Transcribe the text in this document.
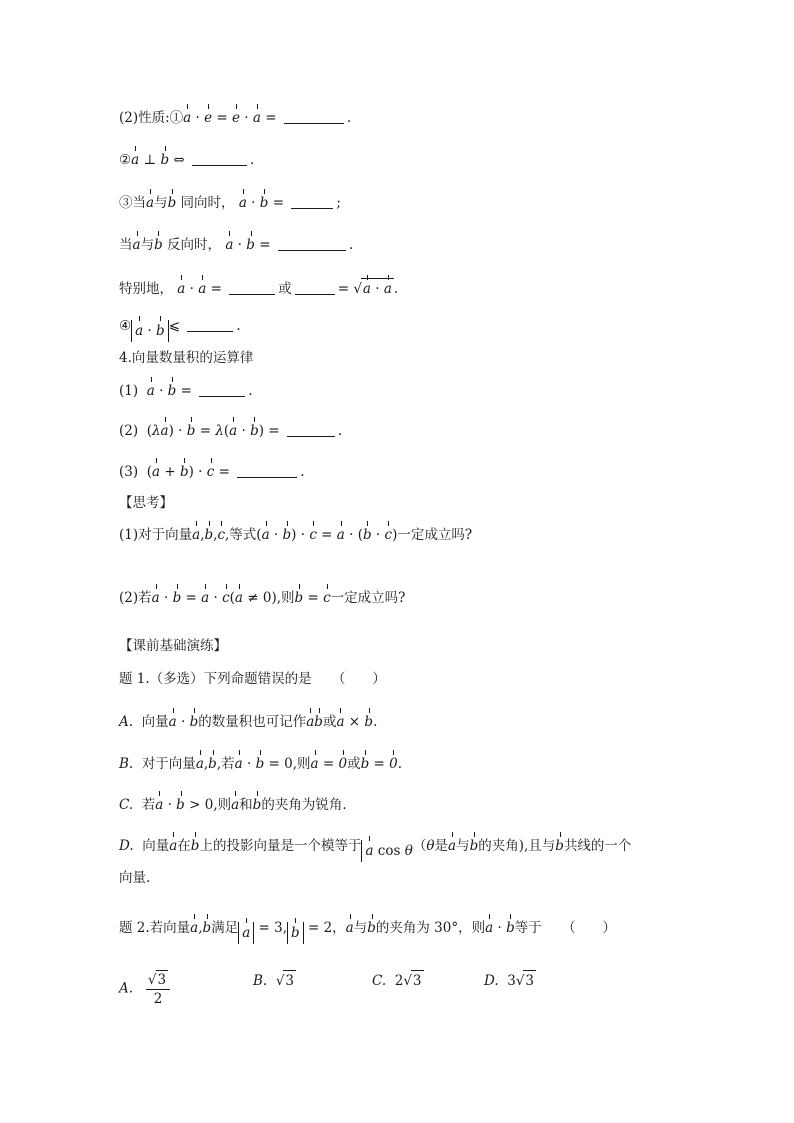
(2)性质:①a · e = e · a =	.
②a ⊥ b ⇔	.
③当a与b 同向时， a · b =	;
当a与b 反向时， a · b =	.
特别地， a · a =	或	= √a · a .
④ a · b ⩽	.
4.向量数量积的运算律
(1) a · b =	.
(2)  (λa) · b = λ(a · b) =	.
(3)  (a + b) · c =	.
【思考】
(1)对于向量a,b,c,等式(a · b) · c = a · (b · c)一定成立吗?
(2)若a · b = a · c(a ≠ 0),则b = c一定成立吗?
【课前基础演练】
题 1.（多选）下列命题错误的是　　（　　）
A. 向量a · b的数量积也可记作ab或a × b.
B. 对于向量a,b,若a · b = 0,则a = 0或b = 0.
C. 若a · b > 0,则a和b的夹角为锐角.
D. 向量a在b上的投影向量是一个模等于 a cos θ（θ是a与b的夹角),且与b共线的一个
向量.
题 2.若向量a,b满足 a = 3, b = 2，a与b的夹角为 30°，则a · b等于　　（　　）
A. $\frac{√3}{2}$	B. √3	C.  2√3	D.  3√3
